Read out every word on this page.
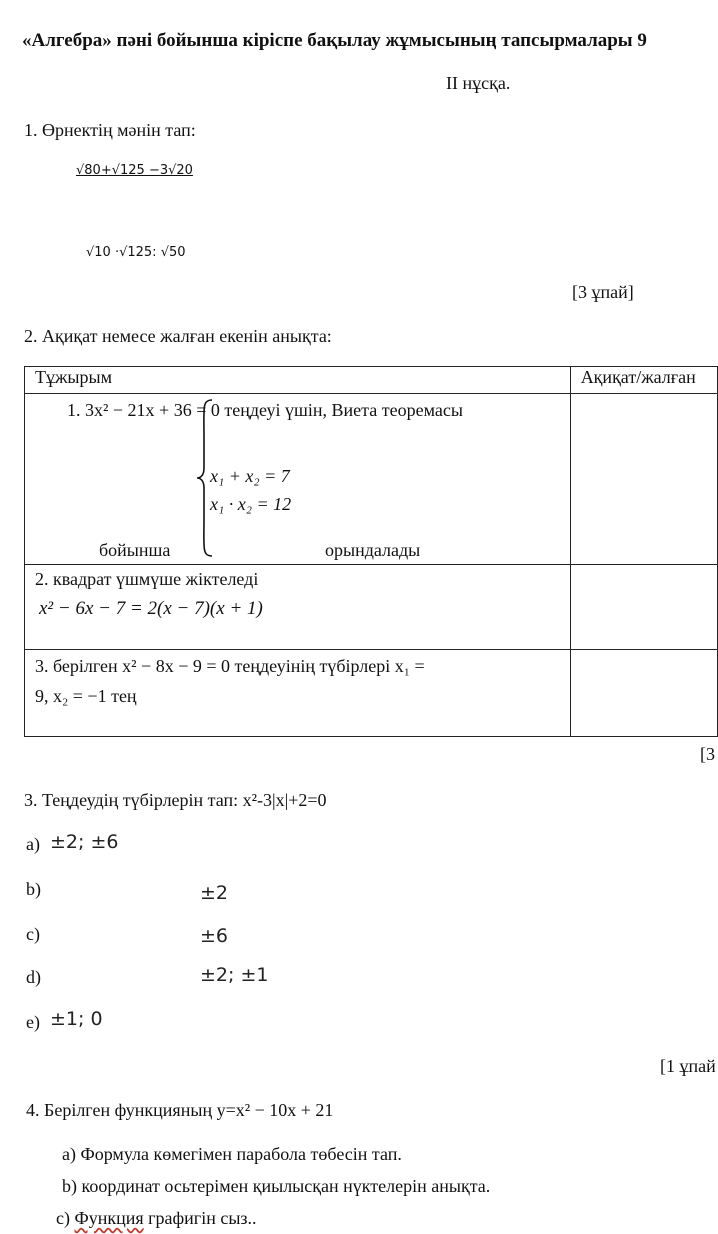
«Алгебра» пәні бойынша кіріспе бақылау жұмысының тапсырмалары 9
II нұсқа.
1. Өрнектің мәнін тап:
√80+√125 −3√20
√10 ·√125: √50
[3 ұпай]
2. Ақиқат немесе жалған екенін анықта:
Тұжырым	Ақиқат/жалған

1. 3x² − 21x + 36 = 0 теңдеуі үшін, Виета теоремасы
x₁ + x₂ = 7
x₁ · x₂ = 12
бойынша орындалады	

2. квадрат үшмүше жіктеледі
x² − 6x − 7 = 2(x − 7)(x + 1)	

3. берілген x² − 8x − 9 = 0 теңдеуінің түбірлері x₁ =
9, x₂ = −1 тең	

[3
3. Теңдеудің түбірлерін тап: x²-3|x|+2=0
a) ±2; ±6
b)	±2
c)	±6
d)	±2; ±1
e) ±1; 0
[1 ұпай
4. Берілген функцияның y=x² − 10x + 21
a) Формула көмегімен парабола төбесін тап.
b) координат осьтерімен қиылысқан нүктелерін анықта.
c) Функция графигін сыз..
